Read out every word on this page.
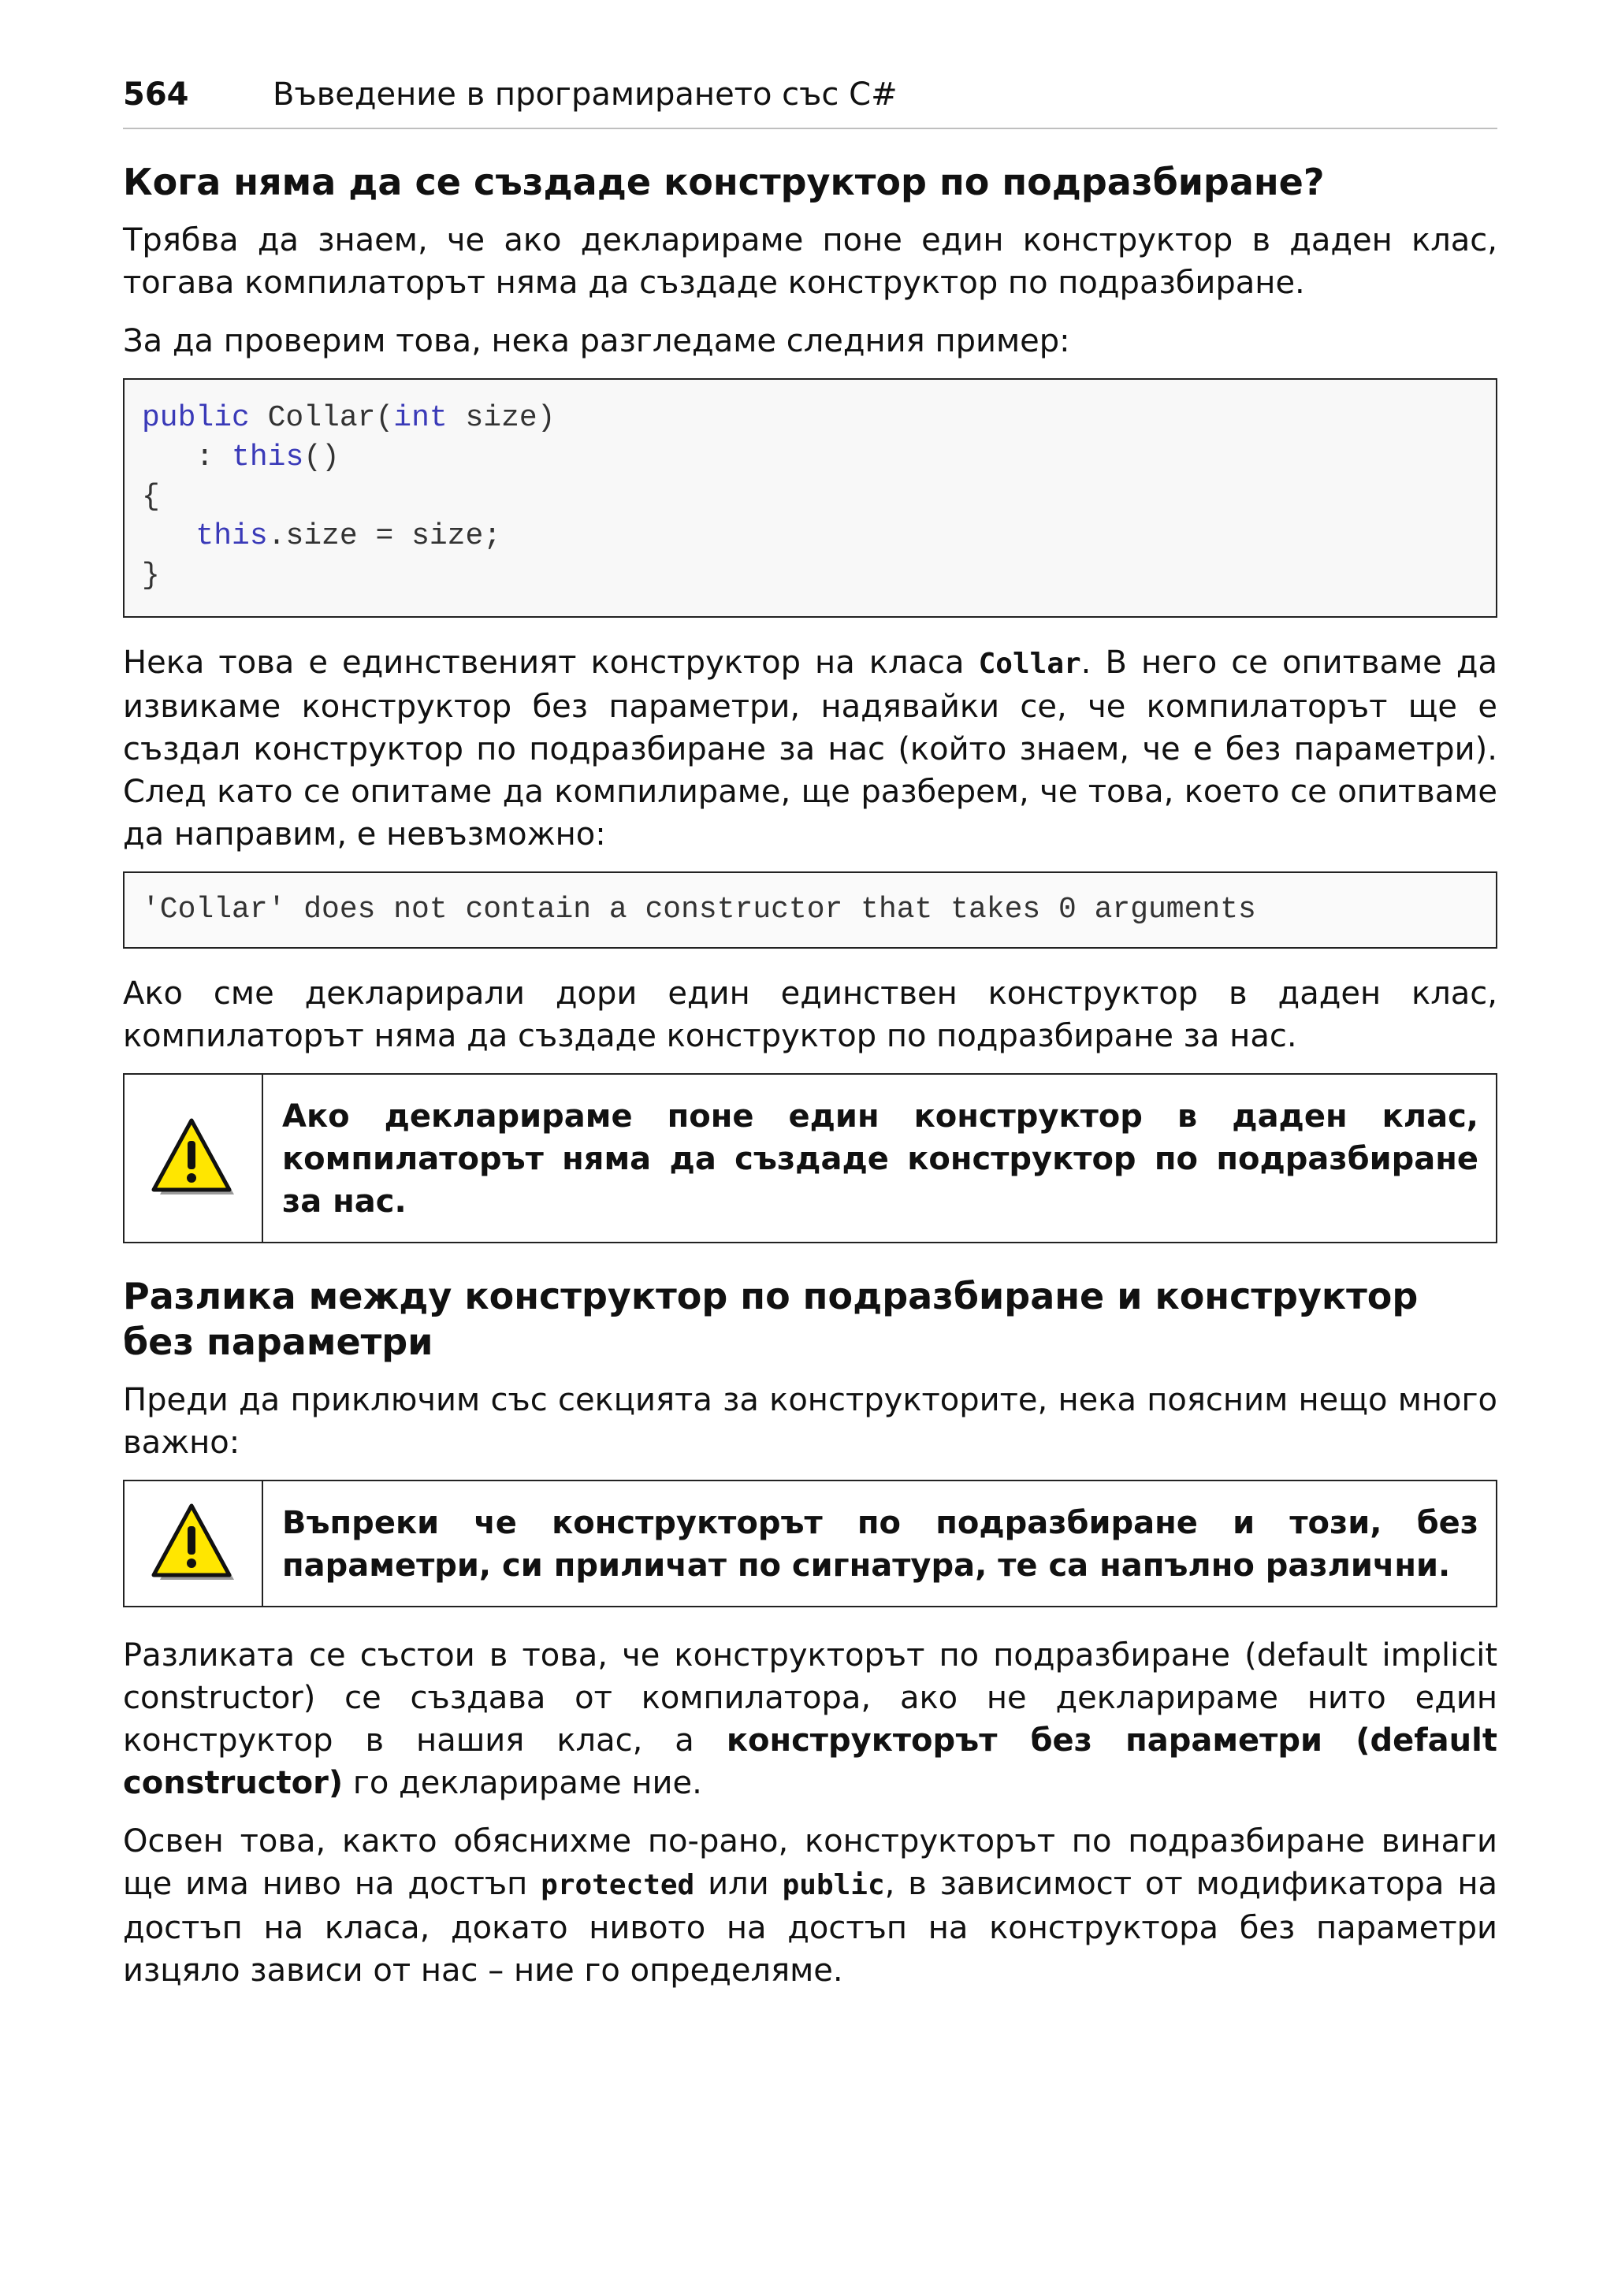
564	Въведение в програмирането със C#
Кога няма да се създаде конструктор по подразбиране?

Трябва да знаем, че ако декларираме поне един конструктор в даден клас, тогава компилаторът няма да създаде конструктор по подразбиране.

За да проверим това, нека разгледаме следния пример:

public Collar(int size)
: this()
{
this.size = size;
}

Нека това е единственият конструктор на класа Collar. В него се опитваме да извикаме конструктор без параметри, надявайки се, че компилаторът ще е създал конструктор по подразбиране за нас (който знаем, че е без параметри). След като се опитаме да компилираме, ще разберем, че това, което се опитваме да направим, е невъзможно:

'Collar' does not contain a constructor that takes 0 arguments

Ако сме декларирали дори един единствен конструктор в даден клас, компилаторът няма да създаде конструктор по подразбиране за нас.

Ако декларираме поне един конструктор в даден клас, компилаторът няма да създаде конструктор по подразбиране за нас.
Разлика между конструктор по подразбиране и конструктор без параметри

Преди да приключим със секцията за конструкторите, нека поясним нещо много важно:

Въпреки че конструкторът по подразбиране и този, без параметри, си приличат по сигнатура, те са напълно различни.

Разликата се състои в това, че конструкторът по подразбиране (default implicit constructor) се създава от компилатора, ако не декларираме нито един конструктор в нашия клас, а конструкторът без параметри (default constructor) го декларираме ние.

Освен това, както обяснихме по-рано, конструкторът по подразбиране винаги ще има ниво на достъп protected или public, в зависимост от модификатора на достъп на класа, докато нивото на достъп на конструктора без параметри изцяло зависи от нас – ние го определяме.
